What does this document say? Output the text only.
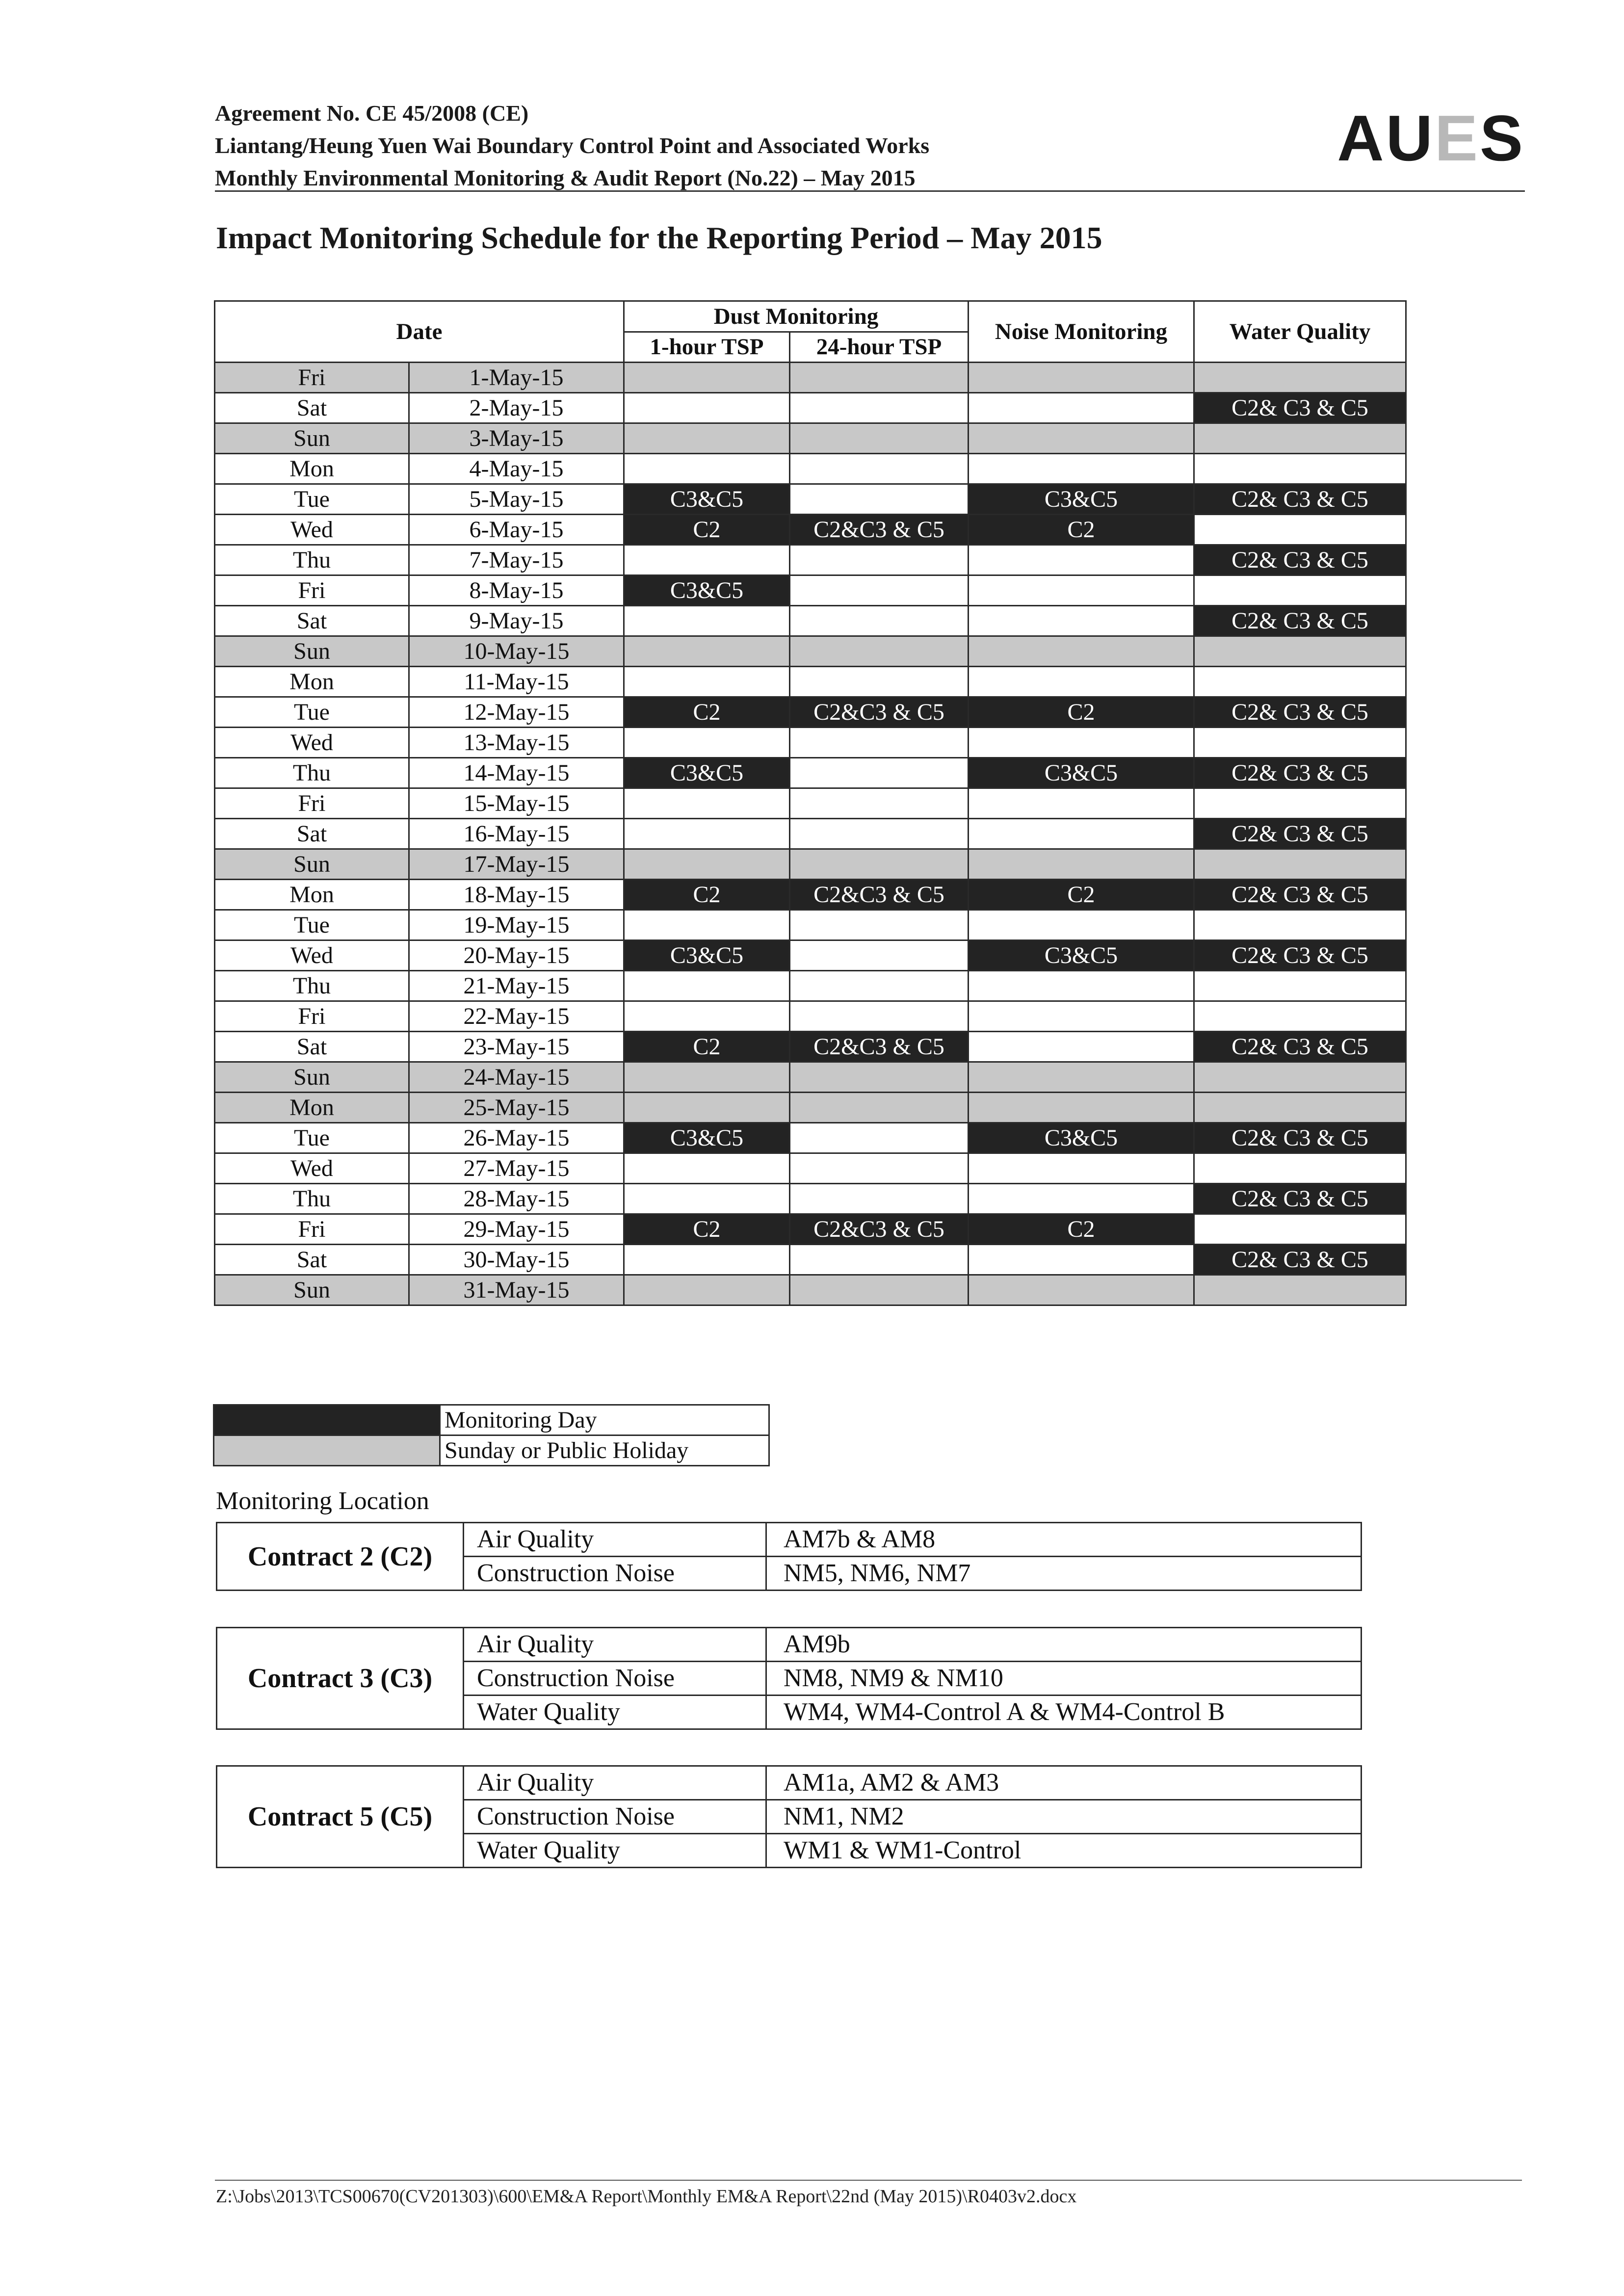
Agreement No. CE 45/2008 (CE)
Liantang/Heung Yuen Wai Boundary Control Point and Associated Works
Monthly Environmental Monitoring & Audit Report (No.22) – May 2015
AUES
Impact Monitoring Schedule for the Reporting Period – May 2015
Date		Dust Monitoring		Noise Monitoring	Water Quality
		1-hour TSP	24-hour TSP		
Fri	1-May-15				
Sat	2-May-15				C2& C3 & C5
Sun	3-May-15				
Mon	4-May-15				
Tue	5-May-15	C3&C5		C3&C5	C2& C3 & C5
Wed	6-May-15	C2	C2&C3 & C5	C2	
Thu	7-May-15				C2& C3 & C5
Fri	8-May-15	C3&C5			
Sat	9-May-15				C2& C3 & C5
Sun	10-May-15				
Mon	11-May-15				
Tue	12-May-15	C2	C2&C3 & C5	C2	C2& C3 & C5
Wed	13-May-15				
Thu	14-May-15	C3&C5		C3&C5	C2& C3 & C5
Fri	15-May-15				
Sat	16-May-15				C2& C3 & C5
Sun	17-May-15				
Mon	18-May-15	C2	C2&C3 & C5	C2	C2& C3 & C5
Tue	19-May-15				
Wed	20-May-15	C3&C5		C3&C5	C2& C3 & C5
Thu	21-May-15				
Fri	22-May-15				
Sat	23-May-15	C2	C2&C3 & C5		C2& C3 & C5
Sun	24-May-15				
Mon	25-May-15				
Tue	26-May-15	C3&C5		C3&C5	C2& C3 & C5
Wed	27-May-15				
Thu	28-May-15				C2& C3 & C5
Fri	29-May-15	C2	C2&C3 & C5	C2	
Sat	30-May-15				C2& C3 & C5
Sun	31-May-15				
	Monitoring Day
	Sunday or Public Holiday
Monitoring Location
Contract 2 (C2)	Air Quality	AM7b & AM8
	Construction Noise	NM5, NM6, NM7
Contract 3 (C3)	Air Quality	AM9b
	Construction Noise	NM8, NM9 & NM10
	Water Quality	WM4, WM4-Control A & WM4-Control B
Contract 5 (C5)	Air Quality	AM1a, AM2 & AM3
	Construction Noise	NM1, NM2
	Water Quality	WM1 & WM1-Control
Z:\Jobs\2013\TCS00670(CV201303)\600\EM&A Report\Monthly EM&A Report\22nd (May 2015)\R0403v2.docx
